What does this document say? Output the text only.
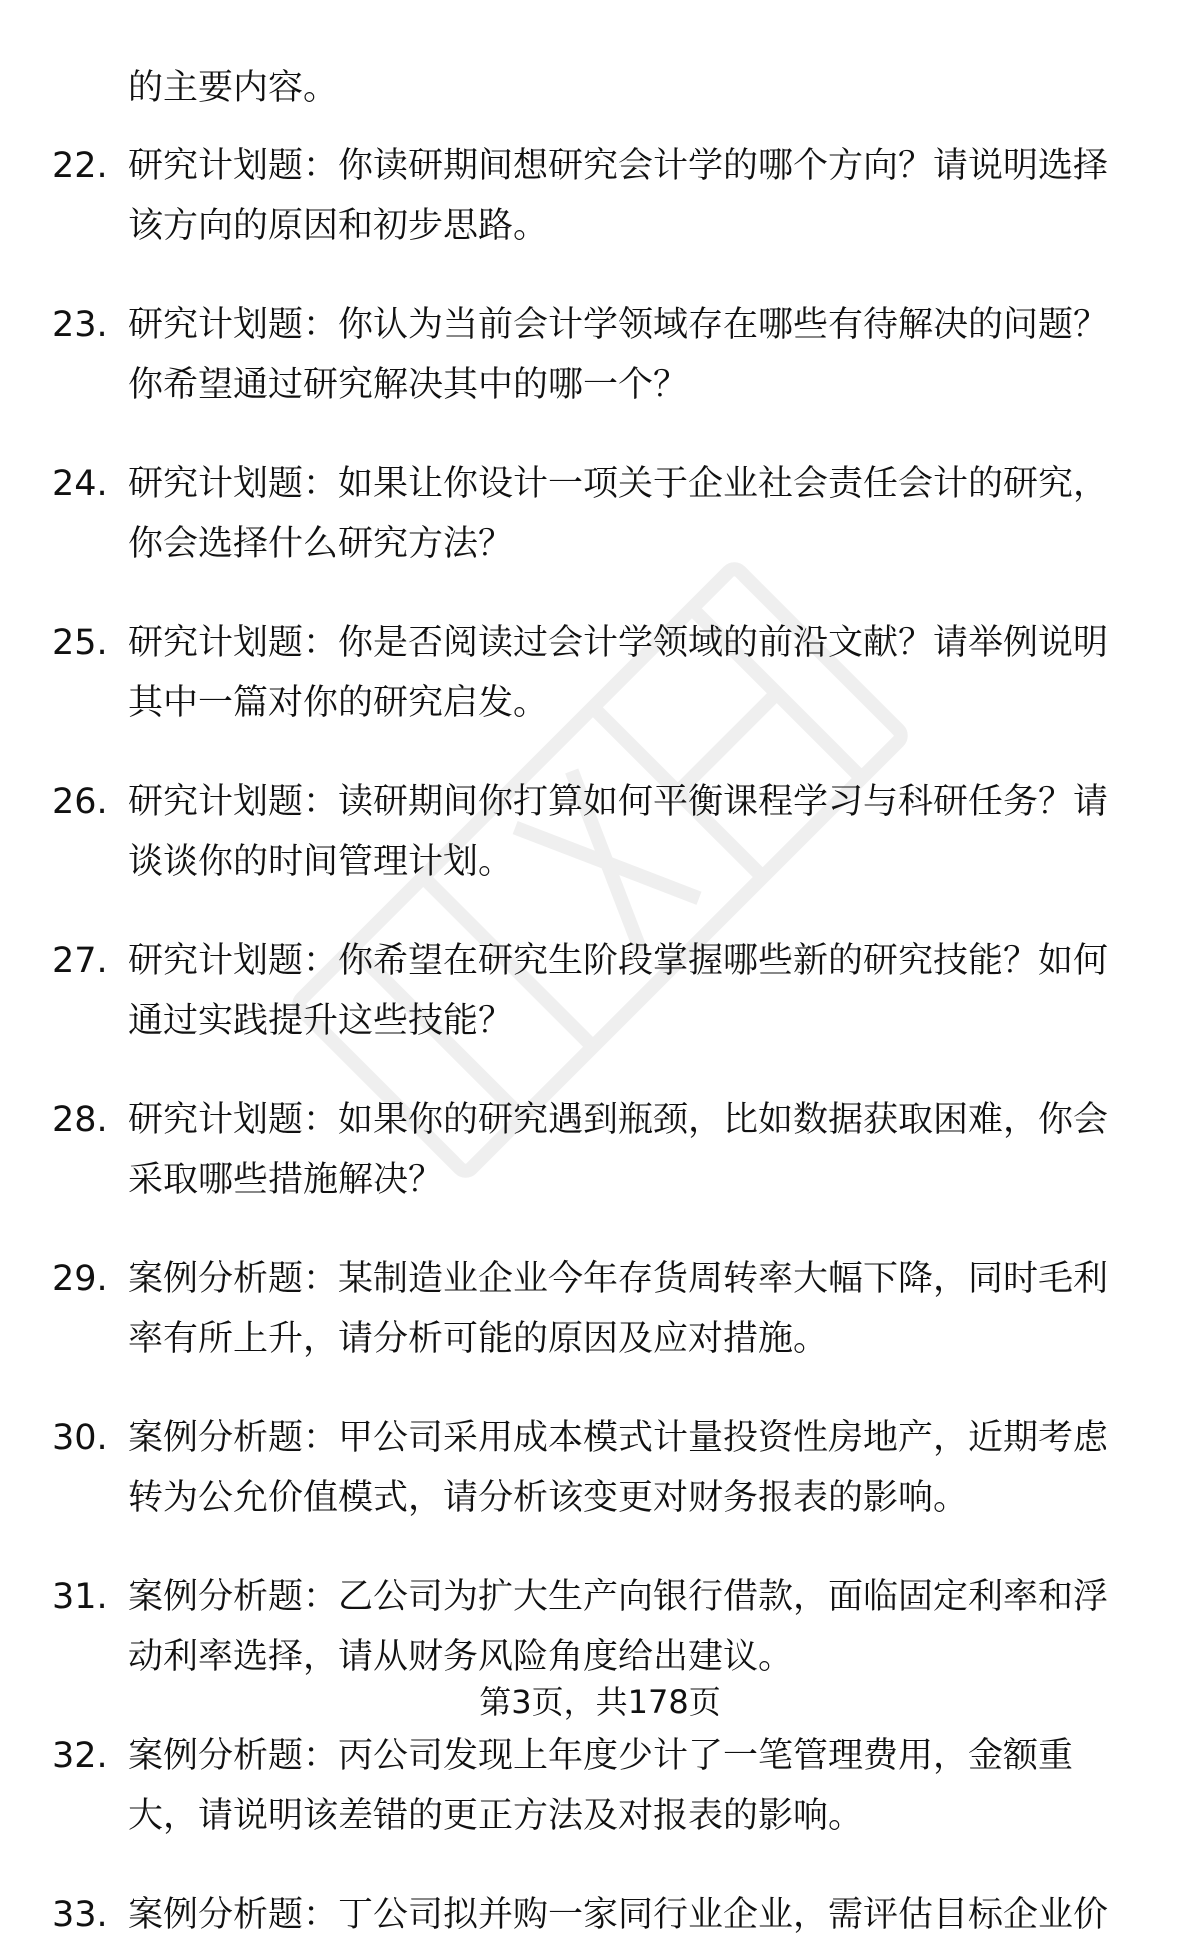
的主要内容。
22. 研究计划题：你读研期间想研究会计学的哪个方向？请说明选择
该方向的原因和初步思路。
23. 研究计划题：你认为当前会计学领域存在哪些有待解决的问题？
你希望通过研究解决其中的哪一个？
24. 研究计划题：如果让你设计一项关于企业社会责任会计的研究，
你会选择什么研究方法？
25. 研究计划题：你是否阅读过会计学领域的前沿文献？请举例说明
其中一篇对你的研究启发。
26. 研究计划题：读研期间你打算如何平衡课程学习与科研任务？请
谈谈你的时间管理计划。
27. 研究计划题：你希望在研究生阶段掌握哪些新的研究技能？如何
通过实践提升这些技能？
28. 研究计划题：如果你的研究遇到瓶颈，比如数据获取困难，你会
采取哪些措施解决？
29. 案例分析题：某制造业企业今年存货周转率大幅下降，同时毛利
率有所上升，请分析可能的原因及应对措施。
30. 案例分析题：甲公司采用成本模式计量投资性房地产，近期考虑
转为公允价值模式，请分析该变更对财务报表的影响。
31. 案例分析题：乙公司为扩大生产向银行借款，面临固定利率和浮
动利率选择，请从财务风险角度给出建议。
32. 案例分析题：丙公司发现上年度少计了一笔管理费用，金额重
大，请说明该差错的更正方法及对报表的影响。
33. 案例分析题：丁公司拟并购一家同行业企业，需评估目标企业价
第3页，共178页
